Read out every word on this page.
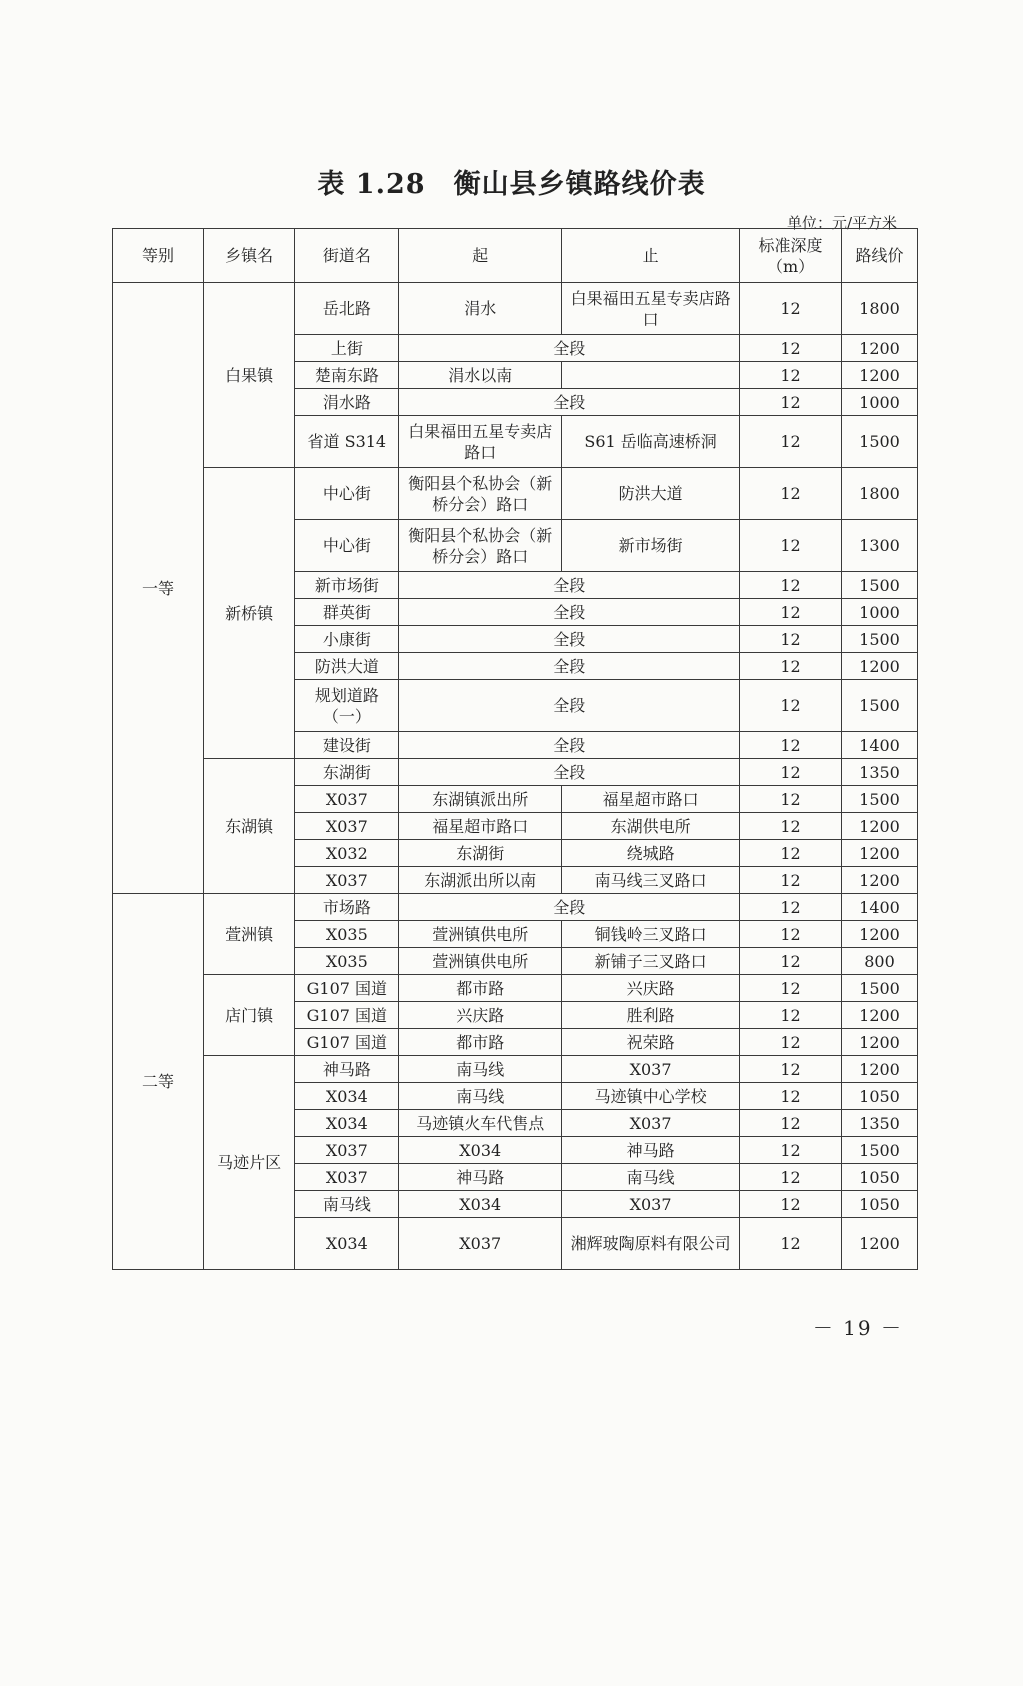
表 1.28　衡山县乡镇路线价表
单位：元/平方米
等别	乡镇名	街道名	起	止	标准深度（m）	路线价
一等	白果镇	岳北路	涓水	白果福田五星专卖店路口	12	1800
		上街	全段		12	1200
		楚南东路	涓水以南		12	1200
		涓水路	全段		12	1000
		省道 S314	白果福田五星专卖店路口	S61 岳临高速桥洞	12	1500
	新桥镇	中心街	衡阳县个私协会（新桥分会）路口	防洪大道	12	1800
		中心街	衡阳县个私协会（新桥分会）路口	新市场街	12	1300
		新市场街	全段		12	1500
		群英街	全段		12	1000
		小康街	全段		12	1500
		防洪大道	全段		12	1200
		规划道路（一）	全段		12	1500
		建设街	全段		12	1400
	东湖镇	东湖街	全段		12	1350
		X037	东湖镇派出所	福星超市路口	12	1500
		X037	福星超市路口	东湖供电所	12	1200
		X032	东湖街	绕城路	12	1200
		X037	东湖派出所以南	南马线三叉路口	12	1200
二等	萱洲镇	市场路	全段		12	1400
		X035	萱洲镇供电所	铜钱岭三叉路口	12	1200
		X035	萱洲镇供电所	新铺子三叉路口	12	800
	店门镇	G107 国道	都市路	兴庆路	12	1500
		G107 国道	兴庆路	胜利路	12	1200
		G107 国道	都市路	祝荣路	12	1200
	马迹片区	神马路	南马线	X037	12	1200
		X034	南马线	马迹镇中心学校	12	1050
		X034	马迹镇火车代售点	X037	12	1350
		X037	X034	神马路	12	1500
		X037	神马路	南马线	12	1050
		南马线	X034	X037	12	1050
		X034	X037	湘辉玻陶原料有限公司	12	1200
－ 19 －
